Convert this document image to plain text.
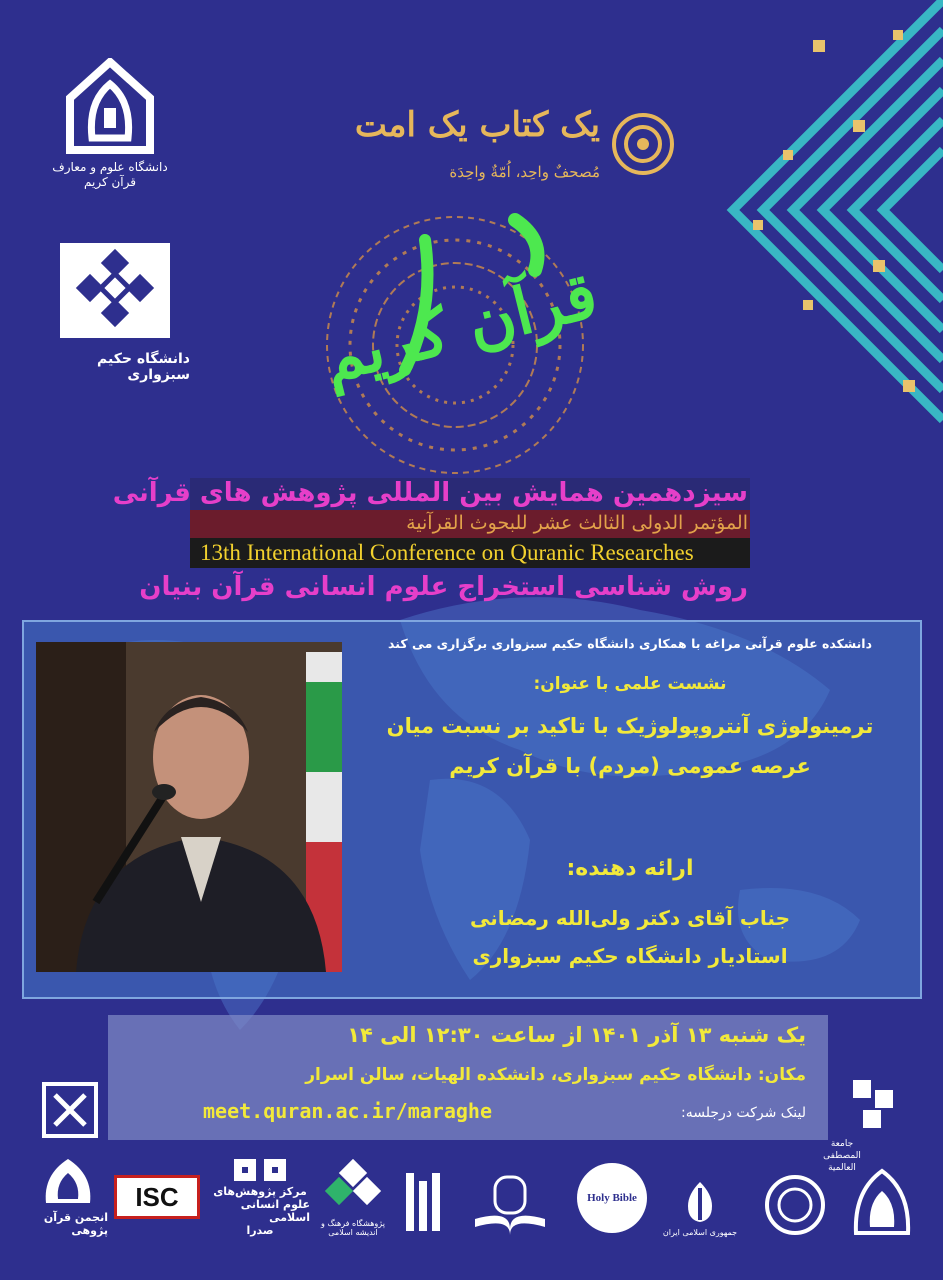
دانشگاه علوم و معارف قرآن کریم
دانشگاه حکیم سبزواری
یک کتاب یک امت
مُصحفٌ واحِد، اُمّةٌ واحِدَة
قرآن کریم
سیزدهمین همایش بین المللی پژوهش های قرآنی
المؤتمر الدولی الثالث عشر للبحوث القرآنیة
13th International Conference on Quranic Researches
روش شناسی استخراج علوم انسانی قرآن بنیان
دانشکده علوم قرآنی مراغه با همکاری دانشگاه حکیم سبزواری برگزاری می کند
نشست علمی با عنوان:
ترمینولوژی آنتروپولوژیک با تاکید بر نسبت میان
عرصه عمومی (مردم) با قرآن کریم
ارائه دهنده:
جناب آقای دکتر ولی‌الله رمضانی
استادیار دانشگاه حکیم سبزواری
یک شنبه ۱۳ آذر ۱۴۰۱ از ساعت ۱۲:۳۰ الی ۱۴
مکان: دانشگاه حکیم سبزواری، دانشکده الهیات، سالن اسرار
لینک شرکت درجلسه:
meet.quran.ac.ir/maraghe
جامعة المصطفی العالمیة
انجمن قرآن پژوهی
ISC	مرکز پژوهش‌های
علوم انسانی اسلامی
صدرا
پژوهشگاه فرهنگ و اندیشه اسلامی
Holy Bible
جمهوری اسلامی ایران
